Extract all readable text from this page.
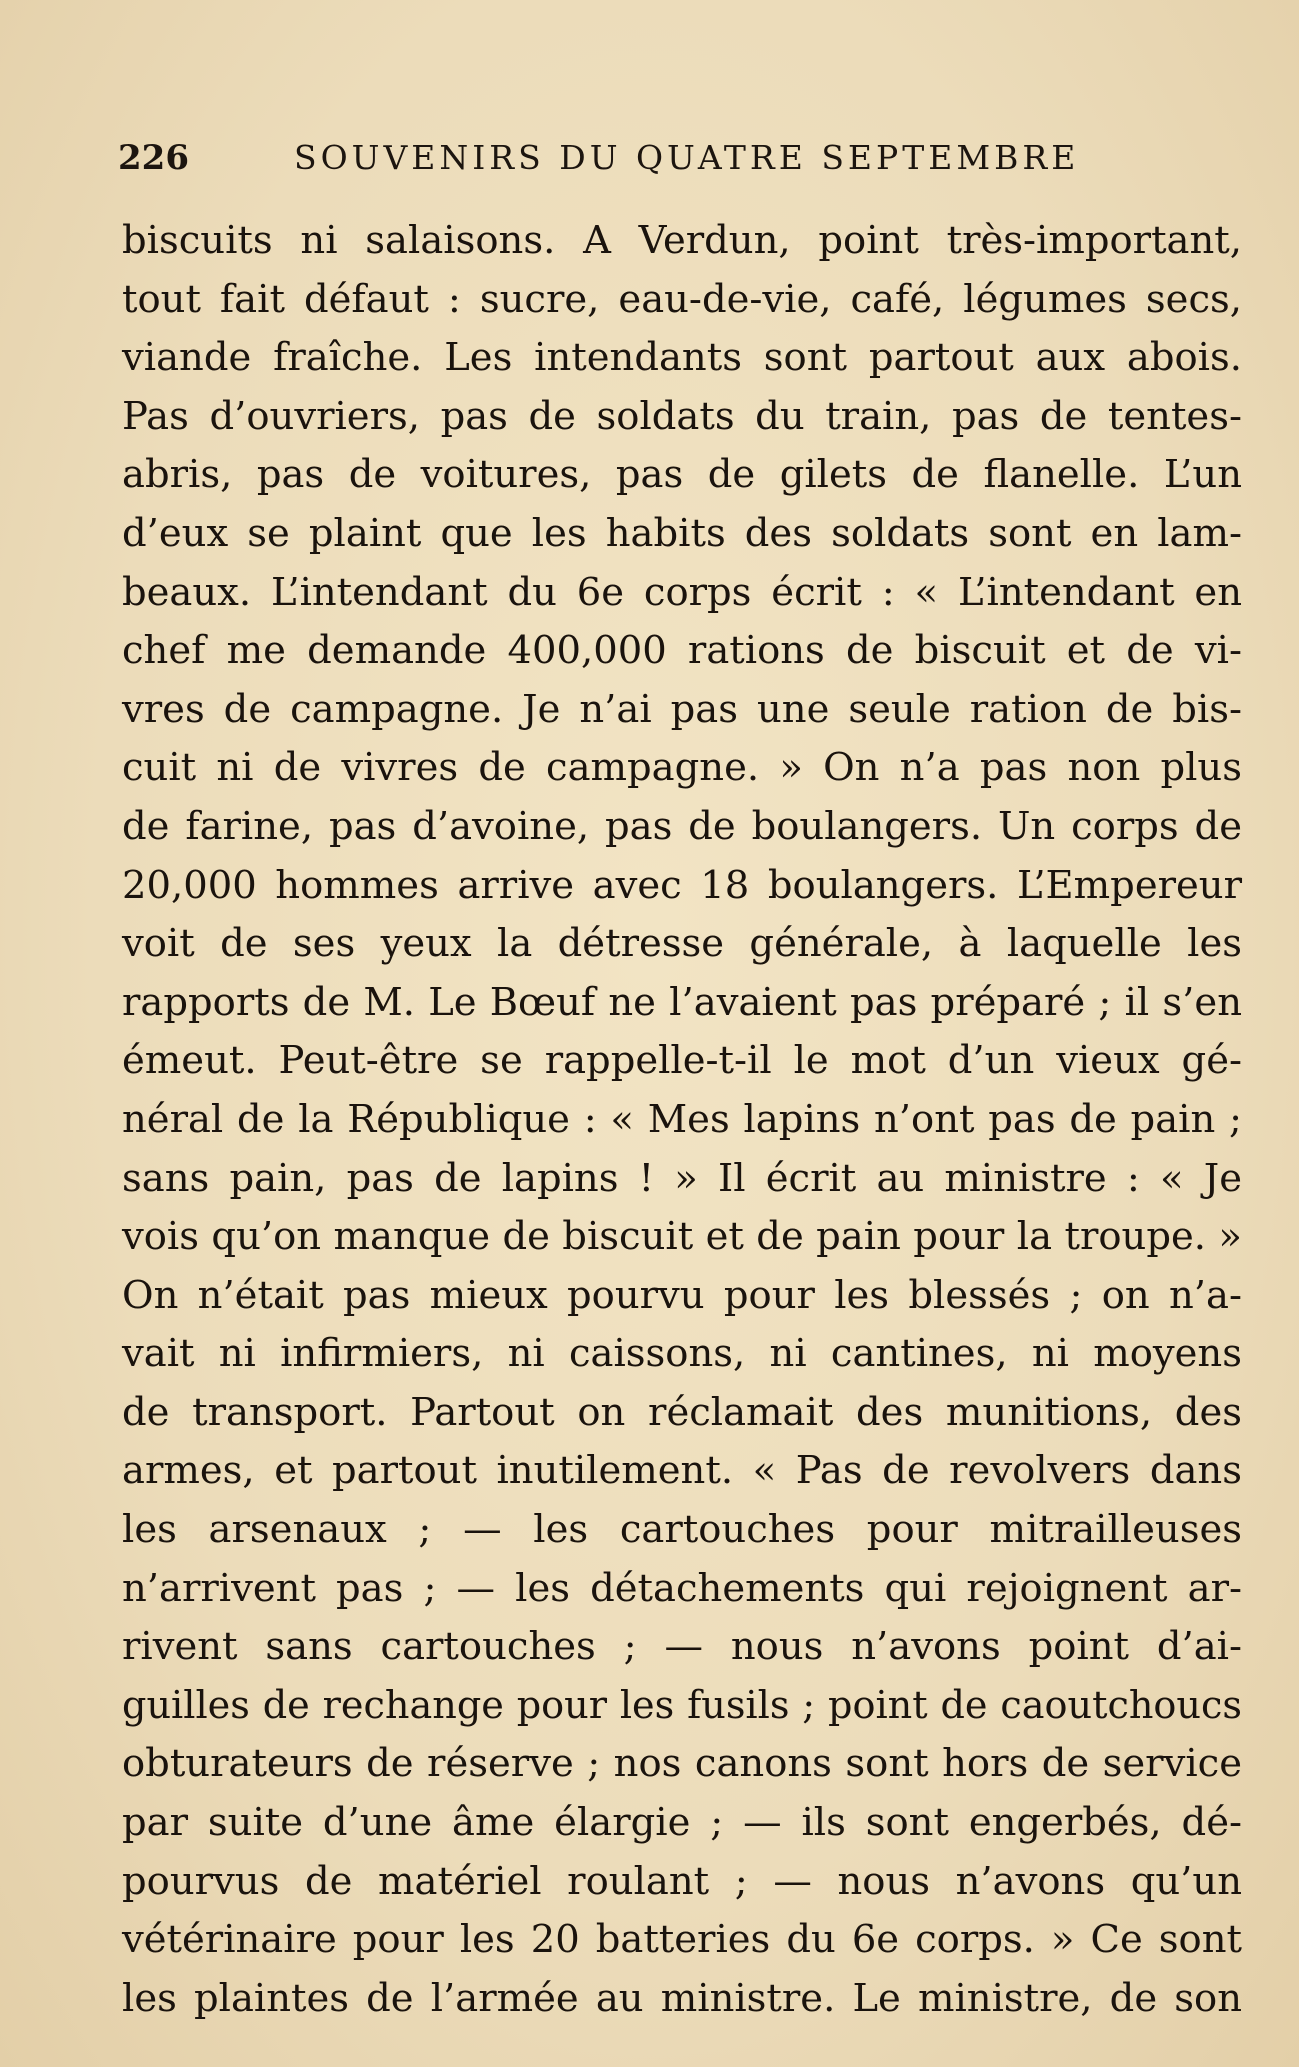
226	SOUVENIRS DU QUATRE SEPTEMBRE
biscuits ni salaisons. A Verdun, point très-important,
tout fait défaut : sucre, eau-de-vie, café, légumes secs,
viande fraîche. Les intendants sont partout aux abois.
Pas d’ouvriers, pas de soldats du train, pas de tentes-
abris, pas de voitures, pas de gilets de flanelle. L’un
d’eux se plaint que les habits des soldats sont en lam-
beaux. L’intendant du 6e corps écrit : « L’intendant en
chef me demande 400,000 rations de biscuit et de vi-
vres de campagne. Je n’ai pas une seule ration de bis-
cuit ni de vivres de campagne. » On n’a pas non plus
de farine, pas d’avoine, pas de boulangers. Un corps de
20,000 hommes arrive avec 18 boulangers. L’Empereur
voit de ses yeux la détresse générale, à laquelle les
rapports de M. Le Bœuf ne l’avaient pas préparé ; il s’en
émeut. Peut-être se rappelle-t-il le mot d’un vieux gé-
néral de la République : « Mes lapins n’ont pas de pain ;
sans pain, pas de lapins ! » Il écrit au ministre : « Je
vois qu’on manque de biscuit et de pain pour la troupe. »
On n’était pas mieux pourvu pour les blessés ; on n’a-
vait ni infirmiers, ni caissons, ni cantines, ni moyens
de transport. Partout on réclamait des munitions, des
armes, et partout inutilement. « Pas de revolvers dans
les arsenaux ; — les cartouches pour mitrailleuses
n’arrivent pas ; — les détachements qui rejoignent ar-
rivent sans cartouches ; — nous n’avons point d’ai-
guilles de rechange pour les fusils ; point de caoutchoucs
obturateurs de réserve ; nos canons sont hors de service
par suite d’une âme élargie ; — ils sont engerbés, dé-
pourvus de matériel roulant ; — nous n’avons qu’un
vétérinaire pour les 20 batteries du 6e corps. » Ce sont
les plaintes de l’armée au ministre. Le ministre, de son
